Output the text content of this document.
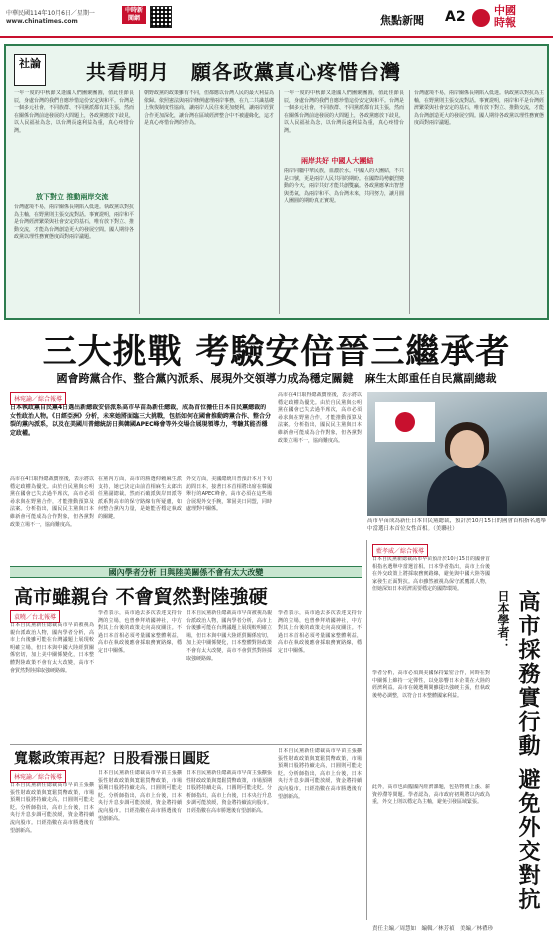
中華民國114年10月6日／星期一
www.chinatimes.com
中時新聞網	焦點新聞 A2	中國時報
社論 共看明月　願各政黨真心疼惜台灣
一年一度的中秋節又逢國人們團聚團圓，值此佳節良辰，身處台灣的我們自應珍惜這份安定與和平。台灣是一個多元社會，不同族群、不同黨派都有其主張，然而在關係台灣前途發展的大問題上，各政黨應放下歧見，以人民福祉為念，以台灣長遠利益為重，真心疼惜台灣。
放下對立 推動兩岸交流
台灣處境不易，兩岸關係長期陷入低迷。執政黨以對抗為主軸，在野黨則主張交流對話。事實證明，兩岸和平是台灣經濟繁榮與社會安定的基石，唯有放下對立、推動交流，才能為台灣創造更大的發展空間。國人期待各政黨以理性務實態度面對兩岸議題。
朝野政黨的政策雖有不同，但都應以台灣人民的最大利益為依歸。依照憲法與兩岸條例處理兩岸事務，在九二共識基礎上恢復制度性協商，讓兩岸人民往來更加便利，讓兩岸經貿合作更加深化，讓台灣在區域經濟整合中不被邊緣化，這才是真心疼惜台灣的作為。
一年一度的中秋節又逢國人們團聚團圓，值此佳節良辰，身處台灣的我們自應珍惜這份安定與和平。台灣是一個多元社會，不同族群、不同黨派都有其主張，然而在關係台灣前途發展的大問題上，各政黨應放下歧見，以人民福祉為念，以台灣長遠利益為重，真心疼惜台灣。
兩岸共好 中國人大團結
兩岸同屬中華民族，血濃於水。中國人的大團結，不只是口號，更是兩岸人民共同的期盼。在國際局勢劇烈變動的今天，兩岸共好才能共創雙贏。各政黨應拿出智慧與勇氣，為兩岸和平、為台灣未來，共同努力，讓月圓人團圓的期盼真正實現。
台灣處境不易，兩岸關係長期陷入低迷。執政黨以對抗為主軸，在野黨則主張交流對話。事實證明，兩岸和平是台灣經濟繁榮與社會安定的基石，唯有放下對立、推動交流，才能為台灣創造更大的發展空間。國人期待各政黨以理性務實態度面對兩岸議題。
三大挑戰 考驗安倍晉三繼承者
國會跨黨合作、整合黨內派系、展現外交領導力成為穩定關鍵　麻生太郎重任自民黨副總裁
林宛諭／綜合報導
日本執政黨自民黨4日選出新總裁安倍派系高市早苗為新任總裁，成為首位擔任日本自民黨總裁的女性政治人物。《日經亞洲》分析，未來她將面臨三大挑戰，包括如何在國會推動跨黨合作、整合分裂的黨內派系，以及在美國川普總統訪日與韓國APEC峰會等外交場合展現領導力，考驗其能否穩定政權。
高市在4日取得總裁寶座後，表示將以穩定政權為優先。由於自民黨與公明黨在國會已失去過半席次，高市必須尋求與在野黨合作，才能推動預算及法案。分析指出，國民民主黨與日本維新會可能成為合作對象，但各黨對政策立場不一，協商難度高。
在黨內方面，高市的勝選仰賴麻生派支持，她已決定由前首相麻生太郎出任黨副總裁。然而石破派與岸田派等派系對高市的保守路線有所疑慮，如何整合黨內力量，是她能否穩定執政的關鍵。
外交方面，美國總統川普預計本月下旬訪問日本，接著日本首相將出席在韓國舉行的APEC峰會。高市必須在這些場合展現外交手腕，鞏固美日同盟，同時處理對中關係。
高市在4日取得總裁寶座後，表示將以穩定政權為優先。由於自民黨與公明黨在國會已失去過半席次，高市必須尋求與在野黨合作，才能推動預算及法案。分析指出，國民民主黨與日本維新會可能成為合作對象，但各黨對政策立場不一，協商難度高。
高市早苗成為新任日本自民黨總裁，預計於10月15日的國會首相指名選舉中當選日本首位女性首相。（美聯社）
國內學者分析 日與陸美關係不會有太大改變
高市雖親台 不會貿然對陸強硬
袁曉／台北報導
日本自民黨新任總裁高市早苗被視為親台派政治人物，國內學者分析，高市上台後雖可能在台灣議題上展現較明確立場，但日本與中國大陸經貿關係密切，加上美中關係變化，日本整體對陸政策不會有太大改變，高市不會貿然對陸採取強硬路線。
學者表示，高市過去多次表達支持台灣的立場，也曾參拜靖國神社，中方對其上台後的政策走向高度關注。不過日本首相必須考量國家整體利益，高市在執政後應會採取務實路線，穩定日中關係。
日本自民黨新任總裁高市早苗被視為親台派政治人物，國內學者分析，高市上台後雖可能在台灣議題上展現較明確立場，但日本與中國大陸經貿關係密切，加上美中關係變化，日本整體對陸政策不會有太大改變，高市不會貿然對陸採取強硬路線。
學者表示，高市過去多次表達支持台灣的立場，也曾參拜靖國神社，中方對其上台後的政策走向高度關注。不過日本首相必須考量國家整體利益，高市在執政後應會採取務實路線，穩定日中關係。
寬鬆政策再起？日股看漲日圓貶
林宛諭／綜合報導
日本自民黨新任總裁高市早苗主張擴張性財政政策與寬鬆貨幣政策，市場預期日股將持續走高，日圓則可能走貶。分析師指出，高市上台後，日本央行升息步調可能放緩，資金將持續流向股市。日經指數在高市勝選後有望創新高。
日本自民黨新任總裁高市早苗主張擴張性財政政策與寬鬆貨幣政策，市場預期日股將持續走高，日圓則可能走貶。分析師指出，高市上台後，日本央行升息步調可能放緩，資金將持續流向股市。日經指數在高市勝選後有望創新高。
日本自民黨新任總裁高市早苗主張擴張性財政政策與寬鬆貨幣政策，市場預期日股將持續走高，日圓則可能走貶。分析師指出，高市上台後，日本央行升息步調可能放緩，資金將持續流向股市。日經指數在高市勝選後有望創新高。
日本自民黨新任總裁高市早苗主張擴張性財政政策與寬鬆貨幣政策，市場預期日股將持續走高，日圓則可能走貶。分析師指出，高市上台後，日本央行升息步調可能放緩，資金將持續流向股市。日經指數在高市勝選後有望創新高。
藍孝威／綜合報導
日本自民黨新總裁高市早苗預計於10月15日的國會首相指名選舉中當選首相。日本學者指出，高市上台後在外交政策上將採取務實路線，避免與中國大陸等國家發生正面對抗。高市雖然被視為保守派鷹派人物，但她深知日本經濟需要穩定的國際環境。
學者分析，高市必須與美國保持緊密合作，同時在對中關係上維持一定彈性，以免影響日本企業在大陸的經濟利益。高市在競選期間雖提出強硬主張，但執政後勢必調整，以符合日本整體國家利益。
此外，高市也面臨國內經濟課題，包括物價上漲、薪資停滯等問題。學者認為，高市政府初期將以內政為重，外交上則以穩定為主軸，避免引發區域緊張。
日本學者： 高市採務實行動 避免外交對抗
責任主編／周慧如　編輯／林芳禎　美編／林禮珍
